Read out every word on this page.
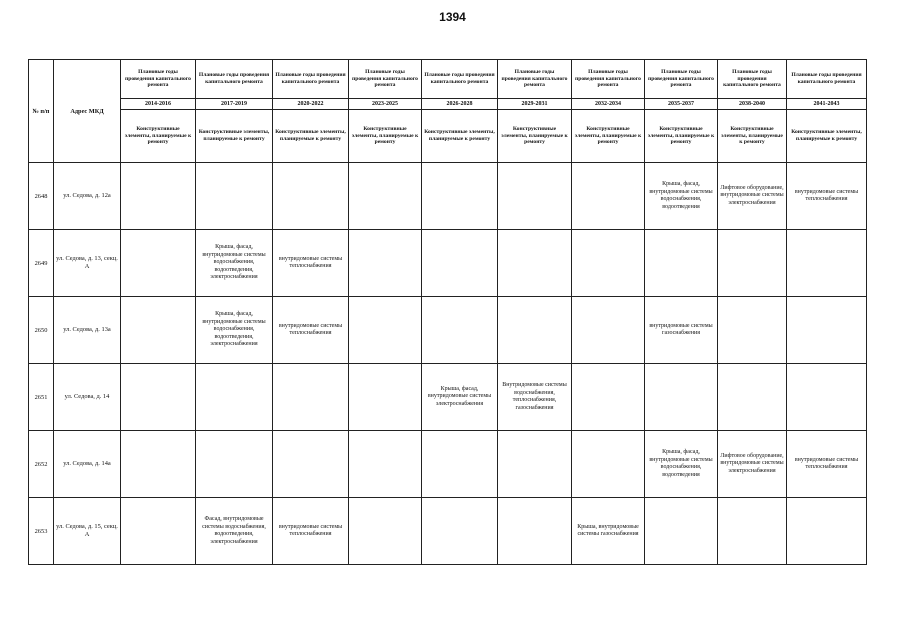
1394
№ п/п	Адрес МКД	Плановые годы проведения капитального ремонта	Плановые годы проведения капитального ремонта	Плановые годы проведения капитального ремонта	Плановые годы проведения капитального ремонта	Плановые годы проведения капитального ремонта	Плановые годы проведения капитального ремонта	Плановые годы проведения капитального ремонта	Плановые годы проведения капитального ремонта	Плановые годы проведения капитального ремонта	Плановые годы проведения капитального ремонта
		2014-2016	2017-2019	2020-2022	2023-2025	2026-2028	2029-2031	2032-2034	2035-2037	2038-2040	2041-2043
		Конструктивные элементы, планируемые к ремонту	Конструктивные элементы, планируемые к ремонту	Конструктивные элементы, планируемые к ремонту	Конструктивные элементы, планируемые к ремонту	Конструктивные элементы, планируемые к ремонту	Конструктивные элементы, планируемые к ремонту	Конструктивные элементы, планируемые к ремонту	Конструктивные элементы, планируемые к ремонту	Конструктивные элементы, планируемые к ремонту	Конструктивные элементы, планируемые к ремонту
2648	ул. Седова, д. 12а								Крыша, фасад, внутридомовые системы водоснабжения, водоотведения	Лифтовое оборудование, внутридомовые системы электроснабжения	внутридомовые системы теплоснабжения
2649	ул. Седова, д. 13, секц. А		Крыша, фасад, внутридомовые системы водоснабжения, водоотведения, электроснабжения	внутридомовые системы теплоснабжения							
2650	ул. Седова, д. 13а		Крыша, фасад, внутридомовые системы водоснабжения, водоотведения, электроснабжения	внутридомовые системы теплоснабжения					внутридомовые системы газоснабжения		
2651	ул. Седова, д. 14					Крыша, фасад, внутридомовые системы электроснабжения	Внутридомовые системы водоснабжения, теплоснабжения, газоснабжения				
2652	ул. Седова, д. 14а								Крыша, фасад, внутридомовые системы водоснабжения, водоотведения	Лифтовое оборудование, внутридомовые системы электроснабжения	внутридомовые системы теплоснабжения
2653	ул. Седова, д. 15, секц. А		Фасад, внутридомовые системы водоснабжения, водоотведения, электроснабжения	внутридомовые системы теплоснабжения				Крыша, внутридомовые системы газоснабжения			
